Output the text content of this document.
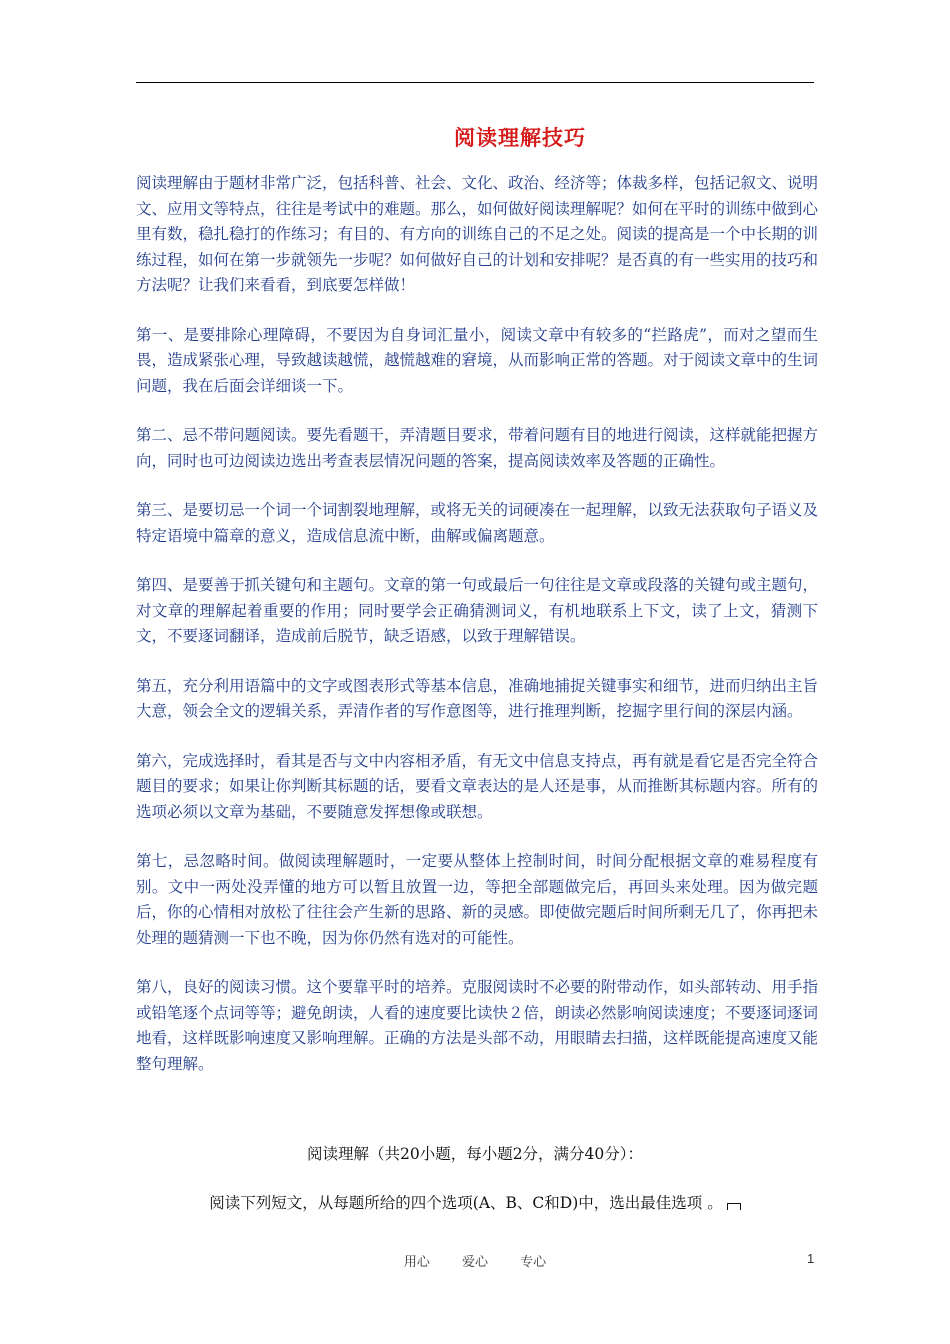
阅读理解技巧

阅读理解由于题材非常广泛，包括科普、社会、文化、政治、经济等；体裁多样，包括记叙文、说明文、应用文等特点，往往是考试中的难题。那么，如何做好阅读理解呢？如何在平时的训练中做到心里有数，稳扎稳打的作练习；有目的、有方向的训练自己的不足之处。阅读的提高是一个中长期的训练过程，如何在第一步就领先一步呢？如何做好自己的计划和安排呢？是否真的有一些实用的技巧和方法呢？让我们来看看，到底要怎样做！

第一、是要排除心理障碍，不要因为自身词汇量小，阅读文章中有较多的“拦路虎”，而对之望而生畏，造成紧张心理，导致越读越慌，越慌越难的窘境，从而影响正常的答题。对于阅读文章中的生词问题，我在后面会详细谈一下。

第二、忌不带问题阅读。要先看题干，弄清题目要求，带着问题有目的地进行阅读，这样就能把握方向，同时也可边阅读边选出考查表层情况问题的答案，提高阅读效率及答题的正确性。

第三、是要切忌一个词一个词割裂地理解，或将无关的词硬凑在一起理解，以致无法获取句子语义及特定语境中篇章的意义，造成信息流中断，曲解或偏离题意。

第四、是要善于抓关键句和主题句。文章的第一句或最后一句往往是文章或段落的关键句或主题句，对文章的理解起着重要的作用；同时要学会正确猜测词义，有机地联系上下文，读了上文，猜测下文，不要逐词翻译，造成前后脱节，缺乏语感，以致于理解错误。

第五，充分利用语篇中的文字或图表形式等基本信息，准确地捕捉关键事实和细节，进而归纳出主旨大意，领会全文的逻辑关系，弄清作者的写作意图等，进行推理判断，挖掘字里行间的深层内涵。

第六，完成选择时，看其是否与文中内容相矛盾，有无文中信息支持点，再有就是看它是否完全符合题目的要求；如果让你判断其标题的话，要看文章表达的是人还是事，从而推断其标题内容。所有的选项必须以文章为基础，不要随意发挥想像或联想。

第七，忌忽略时间。做阅读理解题时，一定要从整体上控制时间，时间分配根据文章的难易程度有别。文中一两处没弄懂的地方可以暂且放置一边，等把全部题做完后，再回头来处理。因为做完题后，你的心情相对放松了往往会产生新的思路、新的灵感。即使做完题后时间所剩无几了，你再把未处理的题猜测一下也不晚，因为你仍然有选对的可能性。

第八，良好的阅读习惯。这个要靠平时的培养。克服阅读时不必要的附带动作，如头部转动、用手指或铅笔逐个点词等等；避免朗读，人看的速度要比读快２倍，朗读必然影响阅读速度；不要逐词逐词地看，这样既影响速度又影响理解。正确的方法是头部不动，用眼睛去扫描，这样既能提高速度又能整句理解。

阅读理解（共20小题，每小题2分，满分40分）：
阅读下列短文，从每题所给的四个选项(A、B、C和D)中，选出最佳选项 。
用心 爱心 专心	1
